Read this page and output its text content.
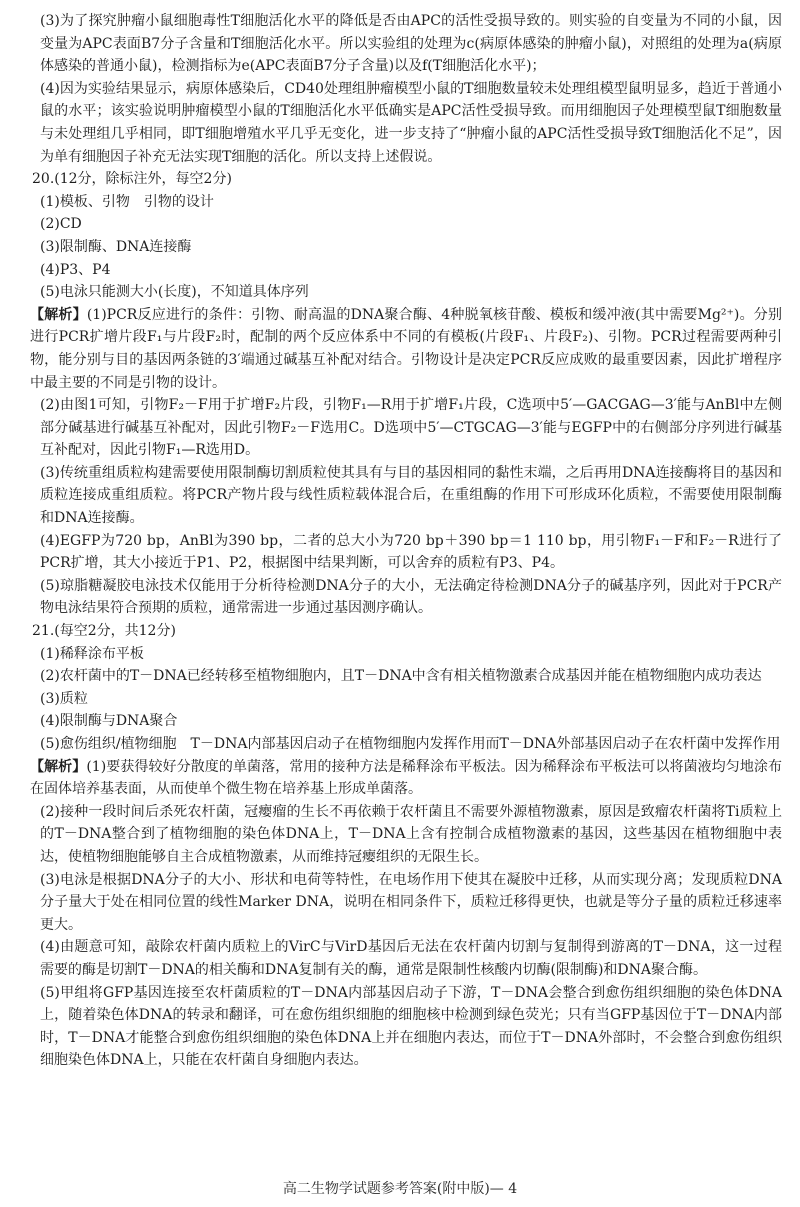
(3)为了探究肿瘤小鼠细胞毒性T细胞活化水平的降低是否由APC的活性受损导致的。则实验的自变量为不同的小鼠，因变量为APC表面B7分子含量和T细胞活化水平。所以实验组的处理为c(病原体感染的肿瘤小鼠)，对照组的处理为a(病原体感染的普通小鼠)，检测指标为e(APC表面B7分子含量)以及f(T细胞活化水平)；

(4)因为实验结果显示，病原体感染后，CD40处理组肿瘤模型小鼠的T细胞数量较未处理组模型鼠明显多，趋近于普通小鼠的水平；该实验说明肿瘤模型小鼠的T细胞活化水平低确实是APC活性受损导致。而用细胞因子处理模型鼠T细胞数量与未处理组几乎相同，即T细胞增殖水平几乎无变化，进一步支持了“肿瘤小鼠的APC活性受损导致T细胞活化不足”，因为单有细胞因子补充无法实现T细胞的活化。所以支持上述假说。

20.(12分，除标注外，每空2分)

(1)模板、引物　引物的设计

(2)CD

(3)限制酶、DNA连接酶

(4)P3、P4

(5)电泳只能测大小(长度)，不知道具体序列

【解析】(1)PCR反应进行的条件：引物、耐高温的DNA聚合酶、4种脱氧核苷酸、模板和缓冲液(其中需要Mg²⁺)。分别进行PCR扩增片段F₁与片段F₂时，配制的两个反应体系中不同的有模板(片段F₁、片段F₂)、引物。PCR过程需要两种引物，能分别与目的基因两条链的3′端通过碱基互补配对结合。引物设计是决定PCR反应成败的最重要因素，因此扩增程序中最主要的不同是引物的设计。

(2)由图1可知，引物F₂－F用于扩增F₂片段，引物F₁—R用于扩增F₁片段，C选项中5′—GACGAG—3′能与AnBl中左侧部分碱基进行碱基互补配对，因此引物F₂－F选用C。D选项中5′—CTGCAG—3′能与EGFP中的右侧部分序列进行碱基互补配对，因此引物F₁—R选用D。

(3)传统重组质粒构建需要使用限制酶切割质粒使其具有与目的基因相同的黏性末端，之后再用DNA连接酶将目的基因和质粒连接成重组质粒。将PCR产物片段与线性质粒载体混合后，在重组酶的作用下可形成环化质粒，不需要使用限制酶和DNA连接酶。

(4)EGFP为720 bp，AnBl为390 bp，二者的总大小为720 bp＋390 bp＝1 110 bp，用引物F₁－F和F₂－R进行了PCR扩增，其大小接近于P1、P2，根据图中结果判断，可以舍弃的质粒有P3、P4。

(5)琼脂糖凝胶电泳技术仅能用于分析待检测DNA分子的大小，无法确定待检测DNA分子的碱基序列，因此对于PCR产物电泳结果符合预期的质粒，通常需进一步通过基因测序确认。

21.(每空2分，共12分)

(1)稀释涂布平板

(2)农杆菌中的T－DNA已经转移至植物细胞内，且T－DNA中含有相关植物激素合成基因并能在植物细胞内成功表达

(3)质粒

(4)限制酶与DNA聚合

(5)愈伤组织/植物细胞　T－DNA内部基因启动子在植物细胞内发挥作用而T－DNA外部基因启动子在农杆菌中发挥作用

【解析】(1)要获得较好分散度的单菌落，常用的接种方法是稀释涂布平板法。因为稀释涂布平板法可以将菌液均匀地涂布在固体培养基表面，从而使单个微生物在培养基上形成单菌落。

(2)接种一段时间后杀死农杆菌，冠瘿瘤的生长不再依赖于农杆菌且不需要外源植物激素，原因是致瘤农杆菌将Ti质粒上的T－DNA整合到了植物细胞的染色体DNA上，T－DNA上含有控制合成植物激素的基因，这些基因在植物细胞中表达，使植物细胞能够自主合成植物激素，从而维持冠瘿组织的无限生长。

(3)电泳是根据DNA分子的大小、形状和电荷等特性，在电场作用下使其在凝胶中迁移，从而实现分离；发现质粒DNA分子量大于处在相同位置的线性Marker DNA，说明在相同条件下，质粒迁移得更快，也就是等分子量的质粒迁移速率更大。

(4)由题意可知，敲除农杆菌内质粒上的VirC与VirD基因后无法在农杆菌内切割与复制得到游离的T－DNA，这一过程需要的酶是切割T－DNA的相关酶和DNA复制有关的酶，通常是限制性核酸内切酶(限制酶)和DNA聚合酶。

(5)甲组将GFP基因连接至农杆菌质粒的T－DNA内部基因启动子下游，T－DNA会整合到愈伤组织细胞的染色体DNA上，随着染色体DNA的转录和翻译，可在愈伤组织细胞的细胞核中检测到绿色荧光；只有当GFP基因位于T－DNA内部时，T－DNA才能整合到愈伤组织细胞的染色体DNA上并在细胞内表达，而位于T－DNA外部时，不会整合到愈伤组织细胞染色体DNA上，只能在农杆菌自身细胞内表达。

高二生物学试题参考答案(附中版)— 4
